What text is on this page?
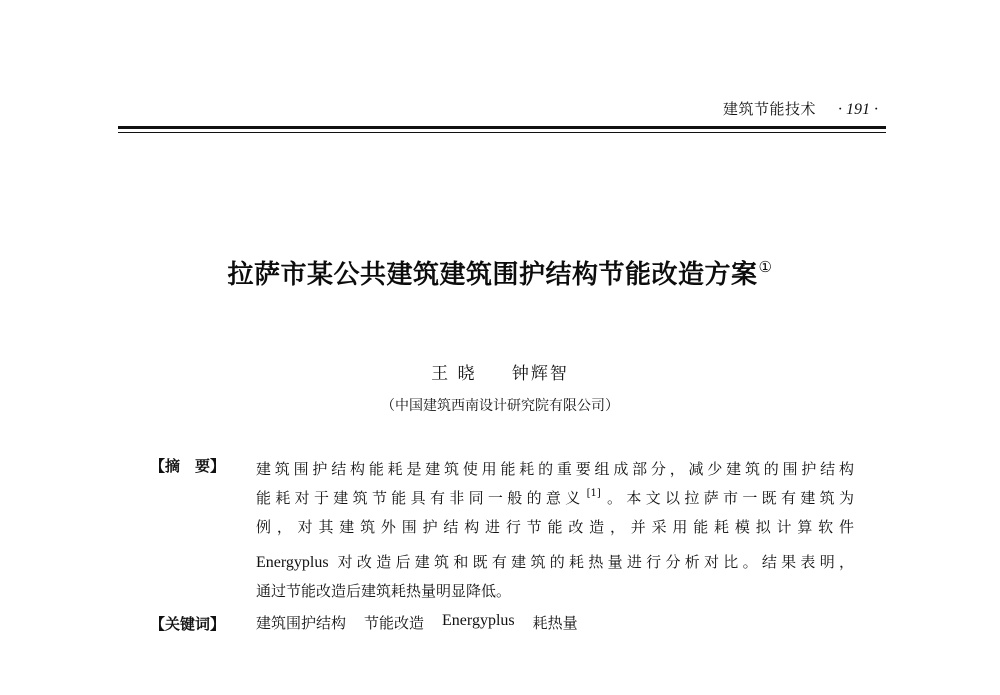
建筑节能技术 · 191 ·
拉萨市某公共建筑建筑围护结构节能改造方案①
王 晓 钟辉智
（中国建筑西南设计研究院有限公司）
【摘　要】 建筑围护结构能耗是建筑使用能耗的重要组成部分，减少建筑的围护结构
能耗对于建筑节能具有非同一般的意义 [1] 。本文以拉萨市一既有建筑为
例，对其建筑外围护结构进行节能改造，并采用能耗模拟计算软件
Energyplus 对改造后建筑和既有建筑的耗热量进行分析对比。结果表明，
通过节能改造后建筑耗热量明显降低。
【关键词】 建筑围护结构 节能改造 Energyplus 耗热量
